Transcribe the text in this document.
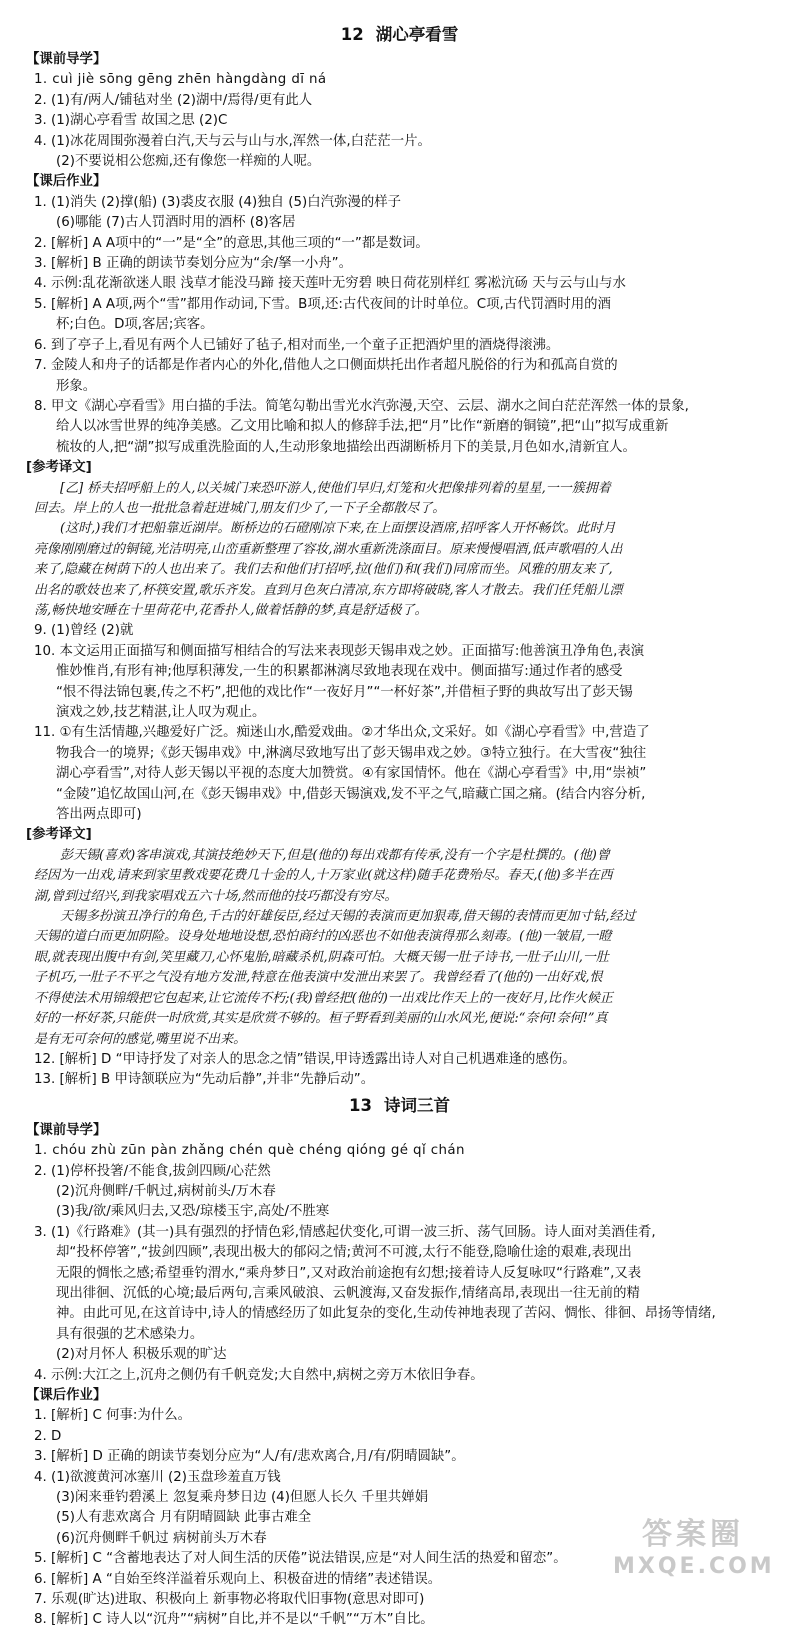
12 湖心亭看雪
【课前导学】
1. cuì jiè sōng gēng zhēn hàngdàng dī ná
2. (1)有/两人/铺毡对坐 (2)湖中/焉得/更有此人
3. (1)湖心亭看雪 故国之思 (2)C
4. (1)冰花周围弥漫着白汽,天与云与山与水,浑然一体,白茫茫一片。
(2)不要说相公您痴,还有像您一样痴的人呢。
【课后作业】
1. (1)消失 (2)撑(船) (3)裘皮衣服 (4)独自 (5)白汽弥漫的样子
(6)哪能 (7)古人罚酒时用的酒杯 (8)客居
2. [解析] A A项中的“一”是“全”的意思,其他三项的“一”都是数词。
3. [解析] B 正确的朗读节奏划分应为“余/拏一小舟”。
4. 示例:乱花渐欲迷人眼 浅草才能没马蹄 接天莲叶无穷碧 映日荷花别样红 雾凇沆砀 天与云与山与水
5. [解析] A A项,两个“雪”都用作动词,下雪。B项,还:古代夜间的计时单位。C项,古代罚酒时用的酒
杯;白色。D项,客居;宾客。
6. 到了亭子上,看见有两个人已铺好了毡子,相对而坐,一个童子正把酒炉里的酒烧得滚沸。
7. 金陵人和舟子的话都是作者内心的外化,借他人之口侧面烘托出作者超凡脱俗的行为和孤高自赏的
形象。
8. 甲文《湖心亭看雪》用白描的手法。简笔勾勒出雪光水汽弥漫,天空、云层、湖水之间白茫茫浑然一体的景象,
给人以冰雪世界的纯净美感。乙文用比喻和拟人的修辞手法,把“月”比作“新磨的铜镜”,把“山”拟写成重新
梳妆的人,把“湖”拟写成重洗脸面的人,生动形象地描绘出西湖断桥月下的美景,月色如水,清新宜人。
[参考译文]
[乙] 桥夫招呼船上的人,以关城门来恐吓游人,使他们早归,灯笼和火把像排列着的星星,一一簇拥着
回去。岸上的人也一批批急着赶进城门,朋友们少了,一下子全都散尽了。
(这时,)我们才把船靠近湖岸。断桥边的石磴刚凉下来,在上面摆设酒席,招呼客人开怀畅饮。此时月
亮像刚刚磨过的铜镜,光洁明亮,山峦重新整理了容妆,湖水重新洗涤面目。原来慢慢唱酒,低声歌唱的人出
来了,隐藏在树荫下的人也出来了。我们去和他们打招呼,拉(他们)和(我们)同席而坐。风雅的朋友来了,
出名的歌妓也来了,杯筷安置,歌乐齐发。直到月色灰白清凉,东方即将破晓,客人才散去。我们任凭船儿漂
荡,畅快地安睡在十里荷花中,花香扑人,做着恬静的梦,真是舒适极了。
9. (1)曾经 (2)就
10. 本文运用正面描写和侧面描写相结合的写法来表现彭天锡串戏之妙。正面描写:他善演丑净角色,表演
惟妙惟肖,有形有神;他厚积薄发,一生的积累都淋漓尽致地表现在戏中。侧面描写:通过作者的感受
“恨不得法锦包裹,传之不朽”,把他的戏比作“一夜好月”“一杯好茶”,并借桓子野的典故写出了彭天锡
演戏之妙,技艺精湛,让人叹为观止。
11. ①有生活情趣,兴趣爱好广泛。痴迷山水,酷爱戏曲。②才华出众,文采好。如《湖心亭看雪》中,营造了
物我合一的境界;《彭天锡串戏》中,淋漓尽致地写出了彭天锡串戏之妙。③特立独行。在大雪夜“独往
湖心亭看雪”,对待人彭天锡以平视的态度大加赞赏。④有家国情怀。他在《湖心亭看雪》中,用“崇祯”
“金陵”追忆故国山河,在《彭天锡串戏》中,借彭天锡演戏,发不平之气,暗藏亡国之痛。(结合内容分析,
答出两点即可)
[参考译文]
彭天锡(喜欢)客串演戏,其演技绝妙天下,但是(他的)每出戏都有传承,没有一个字是杜撰的。(他)曾
经因为一出戏,请来到家里教戏要花费几十金的人,十万家业(就这样)随手花费殆尽。春天,(他)多半在西
湖,曾到过绍兴,到我家唱戏五六十场,然而他的技巧都没有穷尽。
天锡多扮演丑净行的角色,千古的奸雄佞臣,经过天锡的表演而更加狠毒,借天锡的表情而更加寸钻,经过
天锡的道白而更加阴险。设身处地地设想,恐怕商纣的凶恶也不如他表演得那么刻毒。(他)一皱眉,一瞪
眼,就表现出腹中有剑,笑里藏刀,心怀鬼胎,暗藏杀机,阴森可怕。大概天锡一肚子诗书,一肚子山川,一肚
子机巧,一肚子不平之气没有地方发泄,特意在他表演中发泄出来罢了。我曾经看了(他的)一出好戏,恨
不得使法术用锦缎把它包起来,让它流传不朽;(我)曾经把(他的)一出戏比作天上的一夜好月,比作火候正
好的一杯好茶,只能供一时欣赏,其实是欣赏不够的。桓子野看到美丽的山水风光,便说:“奈何!奈何!”真
是有无可奈何的感觉,嘴里说不出来。
12. [解析] D “甲诗抒发了对亲人的思念之情”错误,甲诗透露出诗人对自己机遇难逢的感伤。
13. [解析] B 甲诗颔联应为“先动后静”,并非“先静后动”。
13 诗词三首
【课前导学】
1. chóu zhù zūn pàn zhǎng chén què chéng qióng gé qǐ chán
2. (1)停杯投箸/不能食,拔剑四顾/心茫然
(2)沉舟侧畔/千帆过,病树前头/万木春
(3)我/欲/乘风归去,又恐/琼楼玉宇,高处/不胜寒
3. (1)《行路难》(其一)具有强烈的抒情色彩,情感起伏变化,可谓一波三折、荡气回肠。诗人面对美酒佳肴,
却“投杯停箸”,“拔剑四顾”,表现出极大的郁闷之情;黄河不可渡,太行不能登,隐喻仕途的艰难,表现出
无限的惆怅之感;希望垂钓渭水,“乘舟梦日”,又对政治前途抱有幻想;接着诗人反复咏叹“行路难”,又表
现出徘徊、沉低的心境;最后两句,言乘风破浪、云帆渡海,又奋发振作,情绪高昂,表现出一往无前的精
神。由此可见,在这首诗中,诗人的情感经历了如此复杂的变化,生动传神地表现了苦闷、惆怅、徘徊、昂扬等情绪,
具有很强的艺术感染力。
(2)对月怀人 积极乐观的旷达
4. 示例:大江之上,沉舟之侧仍有千帆竞发;大自然中,病树之旁万木依旧争春。
【课后作业】
1. [解析] C 何事:为什么。
2. D
3. [解析] D 正确的朗读节奏划分应为“人/有/悲欢离合,月/有/阴晴圆缺”。
4. (1)欲渡黄河冰塞川 (2)玉盘珍羞直万钱
(3)闲来垂钓碧溪上 忽复乘舟梦日边 (4)但愿人长久 千里共婵娟
(5)人有悲欢离合 月有阴晴圆缺 此事古难全
(6)沉舟侧畔千帆过 病树前头万木春
5. [解析] C “含蓄地表达了对人间生活的厌倦”说法错误,应是“对人间生活的热爱和留恋”。
6. [解析] A “自始至终洋溢着乐观向上、积极奋进的情绪”表述错误。
7. 乐观(旷达)进取、积极向上 新事物必将取代旧事物(意思对即可)
8. [解析] C 诗人以“沉舟”“病树”自比,并不是以“千帆”“万木”自比。
答案圈
MXQE.COM
